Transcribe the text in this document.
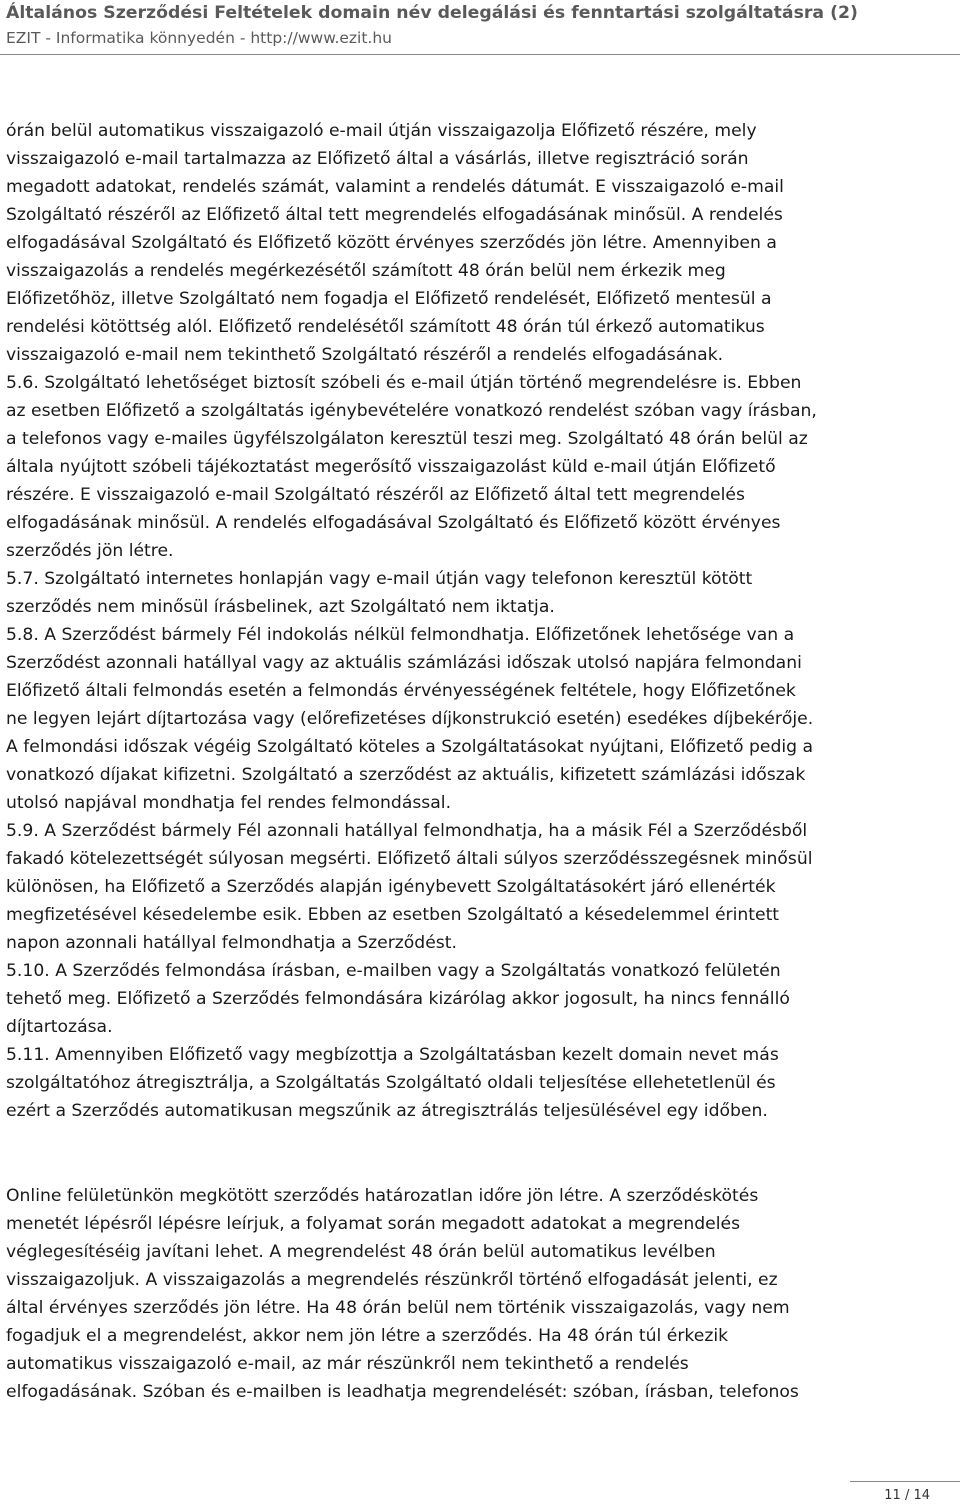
Általános Szerződési Feltételek domain név delegálási és fenntartási szolgáltatásra (2)
EZIT - Informatika könnyedén - http://www.ezit.hu

órán belül automatikus visszaigazoló e-mail útján visszaigazolja Előfizető részére, mely
visszaigazoló e-mail tartalmazza az Előfizető által a vásárlás, illetve regisztráció során
megadott adatokat, rendelés számát, valamint a rendelés dátumát. E visszaigazoló e-mail
Szolgáltató részéről az Előfizető által tett megrendelés elfogadásának minősül. A rendelés
elfogadásával Szolgáltató és Előfizető között érvényes szerződés jön létre. Amennyiben a
visszaigazolás a rendelés megérkezésétől számított 48 órán belül nem érkezik meg
Előfizetőhöz, illetve Szolgáltató nem fogadja el Előfizető rendelését, Előfizető mentesül a
rendelési kötöttség alól. Előfizető rendelésétől számított 48 órán túl érkező automatikus
visszaigazoló e-mail nem tekinthető Szolgáltató részéről a rendelés elfogadásának.
5.6. Szolgáltató lehetőséget biztosít szóbeli és e-mail útján történő megrendelésre is. Ebben
az esetben Előfizető a szolgáltatás igénybevételére vonatkozó rendelést szóban vagy írásban,
a telefonos vagy e-mailes ügyfélszolgálaton keresztül teszi meg. Szolgáltató 48 órán belül az
általa nyújtott szóbeli tájékoztatást megerősítő visszaigazolást küld e-mail útján Előfizető
részére. E visszaigazoló e-mail Szolgáltató részéről az Előfizető által tett megrendelés
elfogadásának minősül. A rendelés elfogadásával Szolgáltató és Előfizető között érvényes
szerződés jön létre.
5.7. Szolgáltató internetes honlapján vagy e-mail útján vagy telefonon keresztül kötött
szerződés nem minősül írásbelinek, azt Szolgáltató nem iktatja.
5.8. A Szerződést bármely Fél indokolás nélkül felmondhatja. Előfizetőnek lehetősége van a
Szerződést azonnali hatállyal vagy az aktuális számlázási időszak utolsó napjára felmondani
Előfizető általi felmondás esetén a felmondás érvényességének feltétele, hogy Előfizetőnek
ne legyen lejárt díjtartozása vagy (előrefizetéses díjkonstrukció esetén) esedékes díjbekérője.
A felmondási időszak végéig Szolgáltató köteles a Szolgáltatásokat nyújtani, Előfizető pedig a
vonatkozó díjakat kifizetni. Szolgáltató a szerződést az aktuális, kifizetett számlázási időszak
utolsó napjával mondhatja fel rendes felmondással.
5.9. A Szerződést bármely Fél azonnali hatállyal felmondhatja, ha a másik Fél a Szerződésből
fakadó kötelezettségét súlyosan megsérti. Előfizető általi súlyos szerződésszegésnek minősül
különösen, ha Előfizető a Szerződés alapján igénybevett Szolgáltatásokért járó ellenérték
megfizetésével késedelembe esik. Ebben az esetben Szolgáltató a késedelemmel érintett
napon azonnali hatállyal felmondhatja a Szerződést.
5.10. A Szerződés felmondása írásban, e-mailben vagy a Szolgáltatás vonatkozó felületén
tehető meg. Előfizető a Szerződés felmondására kizárólag akkor jogosult, ha nincs fennálló
díjtartozása.
5.11. Amennyiben Előfizető vagy megbízottja a Szolgáltatásban kezelt domain nevet más
szolgáltatóhoz átregisztrálja, a Szolgáltatás Szolgáltató oldali teljesítése ellehetetlenül és
ezért a Szerződés automatikusan megszűnik az átregisztrálás teljesülésével egy időben.

Online felületünkön megkötött szerződés határozatlan időre jön létre. A szerződéskötés
menetét lépésről lépésre leírjuk, a folyamat során megadott adatokat a megrendelés
véglegesítéséig javítani lehet. A megrendelést 48 órán belül automatikus levélben
visszaigazoljuk. A visszaigazolás a megrendelés részünkről történő elfogadását jelenti, ez
által érvényes szerződés jön létre. Ha 48 órán belül nem történik visszaigazolás, vagy nem
fogadjuk el a megrendelést, akkor nem jön létre a szerződés. Ha 48 órán túl érkezik
automatikus visszaigazoló e-mail, az már részünkről nem tekinthető a rendelés
elfogadásának. Szóban és e-mailben is leadhatja megrendelését: szóban, írásban, telefonos

11 / 14
